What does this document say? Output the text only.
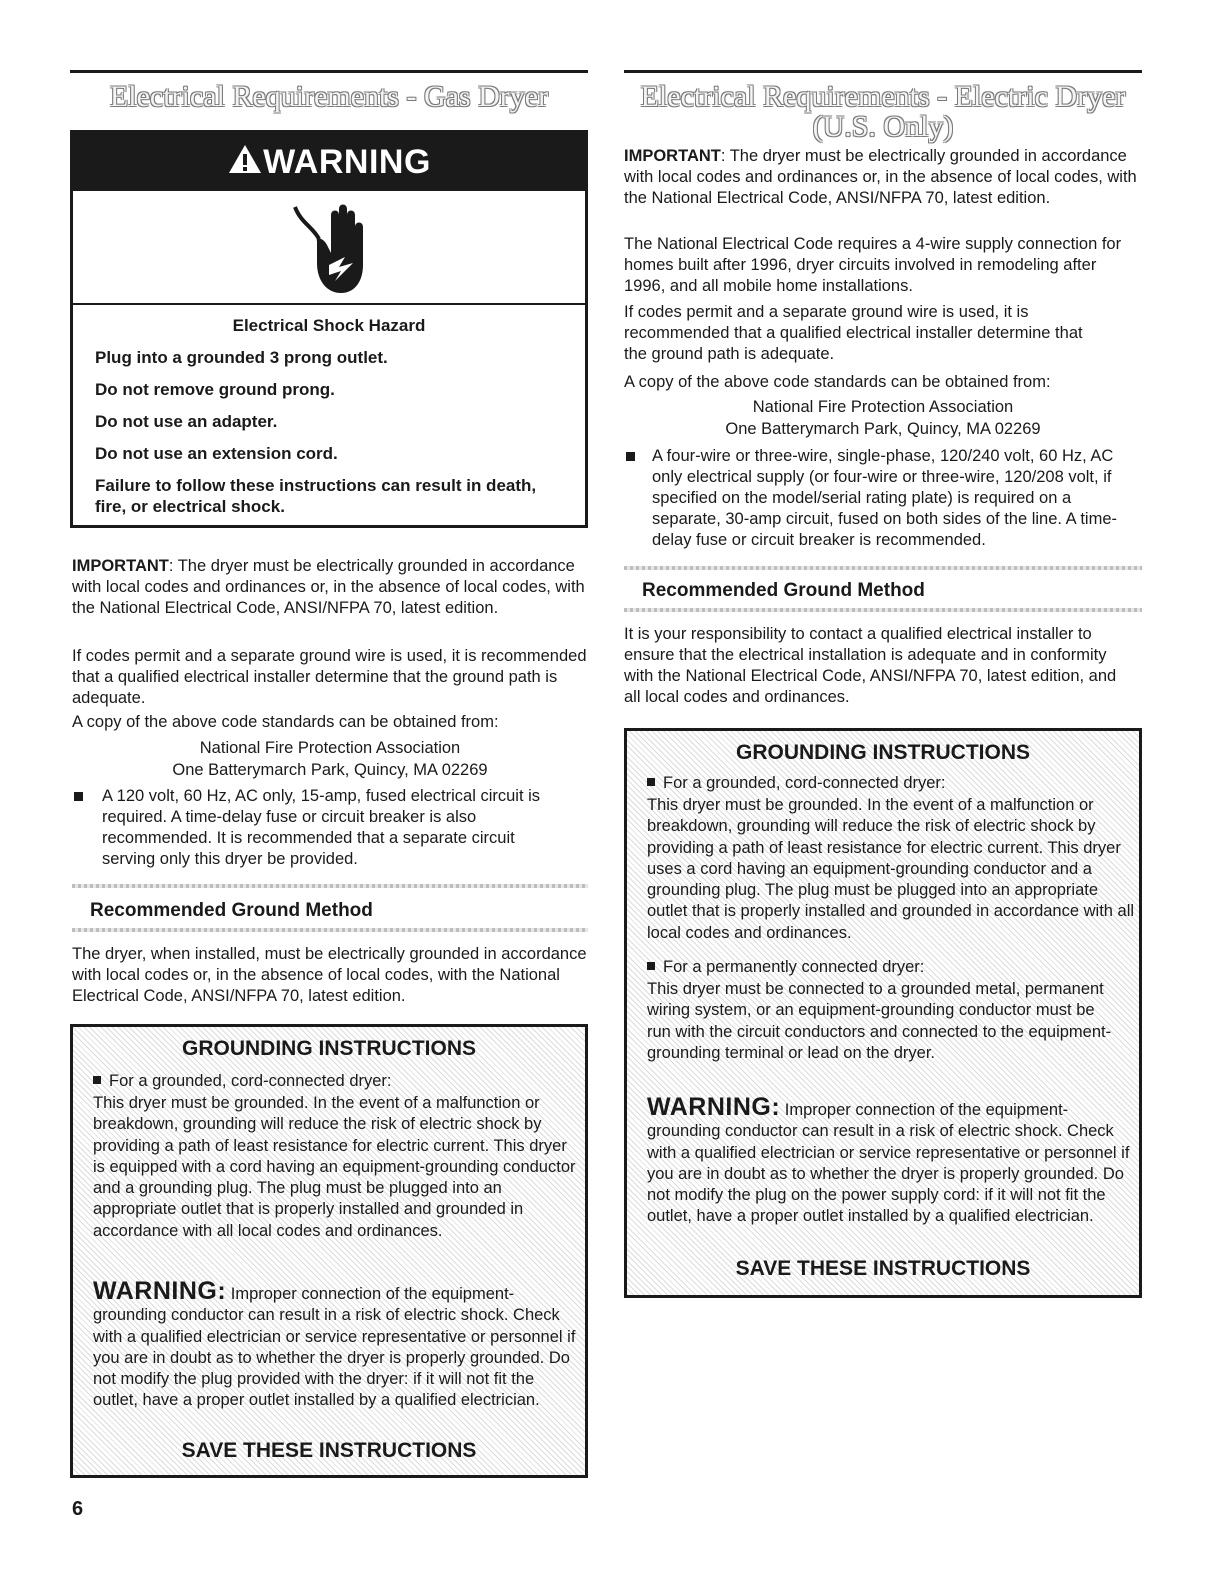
Electrical Requirements - Gas Dryer
WARNING
Electrical Shock Hazard
Plug into a grounded 3 prong outlet.
Do not remove ground prong.
Do not use an adapter.
Do not use an extension cord.
Failure to follow these instructions can result in death, fire, or electrical shock.

IMPORTANT: The dryer must be electrically grounded in accordance with local codes and ordinances or, in the absence of local codes, with the National Electrical Code, ANSI/NFPA 70, latest edition.

If codes permit and a separate ground wire is used, it is recommended that a qualified electrical installer determine that the ground path is adequate.

A copy of the above code standards can be obtained from:

National Fire Protection Association

One Batterymarch Park, Quincy, MA 02269

A 120 volt, 60 Hz, AC only, 15-amp, fused electrical circuit is required. A time-delay fuse or circuit breaker is also recommended. It is recommended that a separate circuit serving only this dryer be provided.

Recommended Ground Method

The dryer, when installed, must be electrically grounded in accordance with local codes or, in the absence of local codes, with the National Electrical Code, ANSI/NFPA 70, latest edition.

GROUNDING INSTRUCTIONS

For a grounded, cord-connected dryer:

This dryer must be grounded. In the event of a malfunction or breakdown, grounding will reduce the risk of electric shock by providing a path of least resistance for electric current. This dryer is equipped with a cord having an equipment-grounding conductor and a grounding plug. The plug must be plugged into an appropriate outlet that is properly installed and grounded in accordance with all local codes and ordinances.

WARNING: Improper connection of the equipment-grounding conductor can result in a risk of electric shock. Check with a qualified electrician or service representative or personnel if you are in doubt as to whether the dryer is properly grounded. Do not modify the plug provided with the dryer: if it will not fit the outlet, have a proper outlet installed by a qualified electrician.

SAVE THESE INSTRUCTIONS
6
Electrical Requirements - Electric Dryer
(U.S. Only)

IMPORTANT: The dryer must be electrically grounded in accordance with local codes and ordinances or, in the absence of local codes, with the National Electrical Code, ANSI/NFPA 70, latest edition.

The National Electrical Code requires a 4-wire supply connection for homes built after 1996, dryer circuits involved in remodeling after 1996, and all mobile home installations.

If codes permit and a separate ground wire is used, it is recommended that a qualified electrical installer determine that the ground path is adequate.

A copy of the above code standards can be obtained from:

National Fire Protection Association

One Batterymarch Park, Quincy, MA 02269

A four-wire or three-wire, single-phase, 120/240 volt, 60 Hz, AC only electrical supply (or four-wire or three-wire, 120/208 volt, if specified on the model/serial rating plate) is required on a separate, 30-amp circuit, fused on both sides of the line. A time-delay fuse or circuit breaker is recommended.

Recommended Ground Method

It is your responsibility to contact a qualified electrical installer to ensure that the electrical installation is adequate and in conformity with the National Electrical Code, ANSI/NFPA 70, latest edition, and all local codes and ordinances.

GROUNDING INSTRUCTIONS

For a grounded, cord-connected dryer:

This dryer must be grounded. In the event of a malfunction or breakdown, grounding will reduce the risk of electric shock by providing a path of least resistance for electric current. This dryer uses a cord having an equipment-grounding conductor and a grounding plug. The plug must be plugged into an appropriate outlet that is properly installed and grounded in accordance with all local codes and ordinances.

For a permanently connected dryer:

This dryer must be connected to a grounded metal, permanent wiring system, or an equipment-grounding conductor must be run with the circuit conductors and connected to the equipment-grounding terminal or lead on the dryer.

WARNING: Improper connection of the equipment-grounding conductor can result in a risk of electric shock. Check with a qualified electrician or service representative or personnel if you are in doubt as to whether the dryer is properly grounded. Do not modify the plug on the power supply cord: if it will not fit the outlet, have a proper outlet installed by a qualified electrician.

SAVE THESE INSTRUCTIONS
